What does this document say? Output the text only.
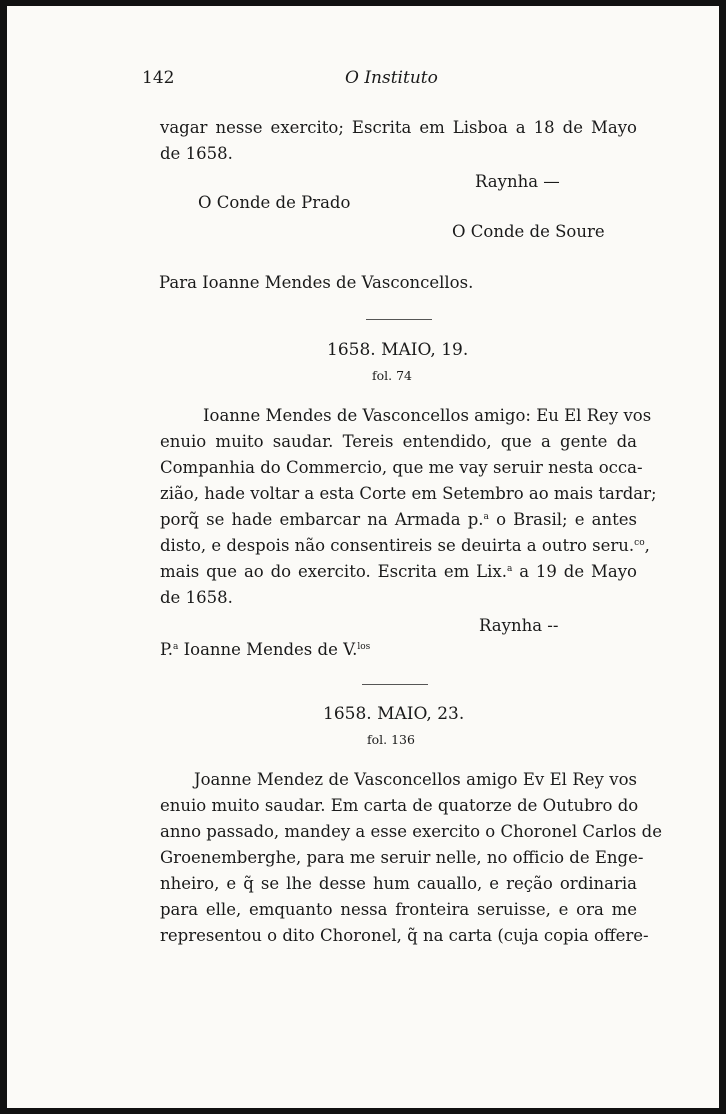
142	O Instituto
vagar nesse exercito; Escrita em Lisboa a 18 de Mayo
de 1658.
Raynha —
O Conde de Prado
O Conde de Soure
Para Ioanne Mendes de Vasconcellos.
1658. MAIO, 19.
fol. 74
Ioanne Mendes de Vasconcellos amigo: Eu El Rey vos
enuio muito saudar. Tereis entendido, que a gente da
Companhia do Commercio, que me vay seruir nesta occa-
zião, hade voltar a esta Corte em Setembro ao mais tardar;
porq̃ se hade embarcar na Armada p.$^a$ o Brasil; e antes
disto, e despois não consentireis se deuirta a outro seru.$^{co}$,
mais que ao do exercito. Escrita em Lix.$^a$ a 19 de Mayo
de 1658.
Raynha --
P.$^a$ Ioanne Mendes de V.$^{los}$
1658. MAIO, 23.
fol. 136
Joanne Mendez de Vasconcellos amigo Ev El Rey vos
enuio muito saudar. Em carta de quatorze de Outubro do
anno passado, mandey a esse exercito o Choronel Carlos de
Groenemberghe, para me seruir nelle, no officio de Enge-
nheiro, e q̃ se lhe desse hum cauallo, e reção ordinaria
para elle, emquanto nessa fronteira seruisse, e ora me
representou o dito Choronel, q̃ na carta (cuja copia offere-
